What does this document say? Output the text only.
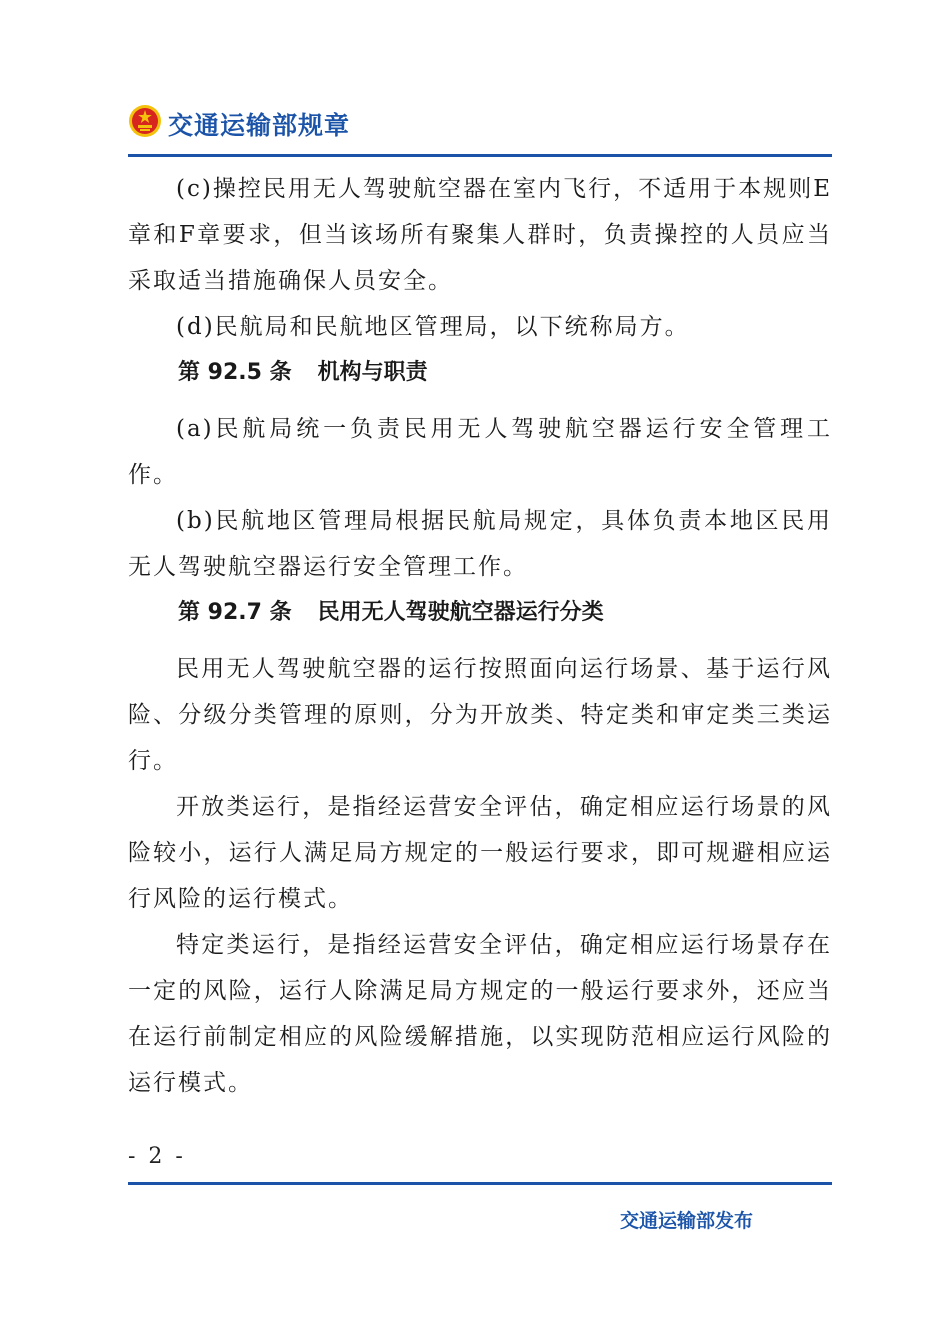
交通运输部规章

(c)操控民用无人驾驶航空器在室内飞行，不适用于本规则E章和F章要求，但当该场所有聚集人群时，负责操控的人员应当采取适当措施确保人员安全。

(d)民航局和民航地区管理局，以下统称局方。

第 92.5 条 机构与职责

(a)民航局统一负责民用无人驾驶航空器运行安全管理工作。

(b)民航地区管理局根据民航局规定，具体负责本地区民用无人驾驶航空器运行安全管理工作。

第 92.7 条 民用无人驾驶航空器运行分类

民用无人驾驶航空器的运行按照面向运行场景、基于运行风险、分级分类管理的原则，分为开放类、特定类和审定类三类运行。

开放类运行，是指经运营安全评估，确定相应运行场景的风险较小，运行人满足局方规定的一般运行要求，即可规避相应运行风险的运行模式。

特定类运行，是指经运营安全评估，确定相应运行场景存在一定的风险，运行人除满足局方规定的一般运行要求外，还应当在运行前制定相应的风险缓解措施，以实现防范相应运行风险的运行模式。

- 2 -
交通运输部发布
